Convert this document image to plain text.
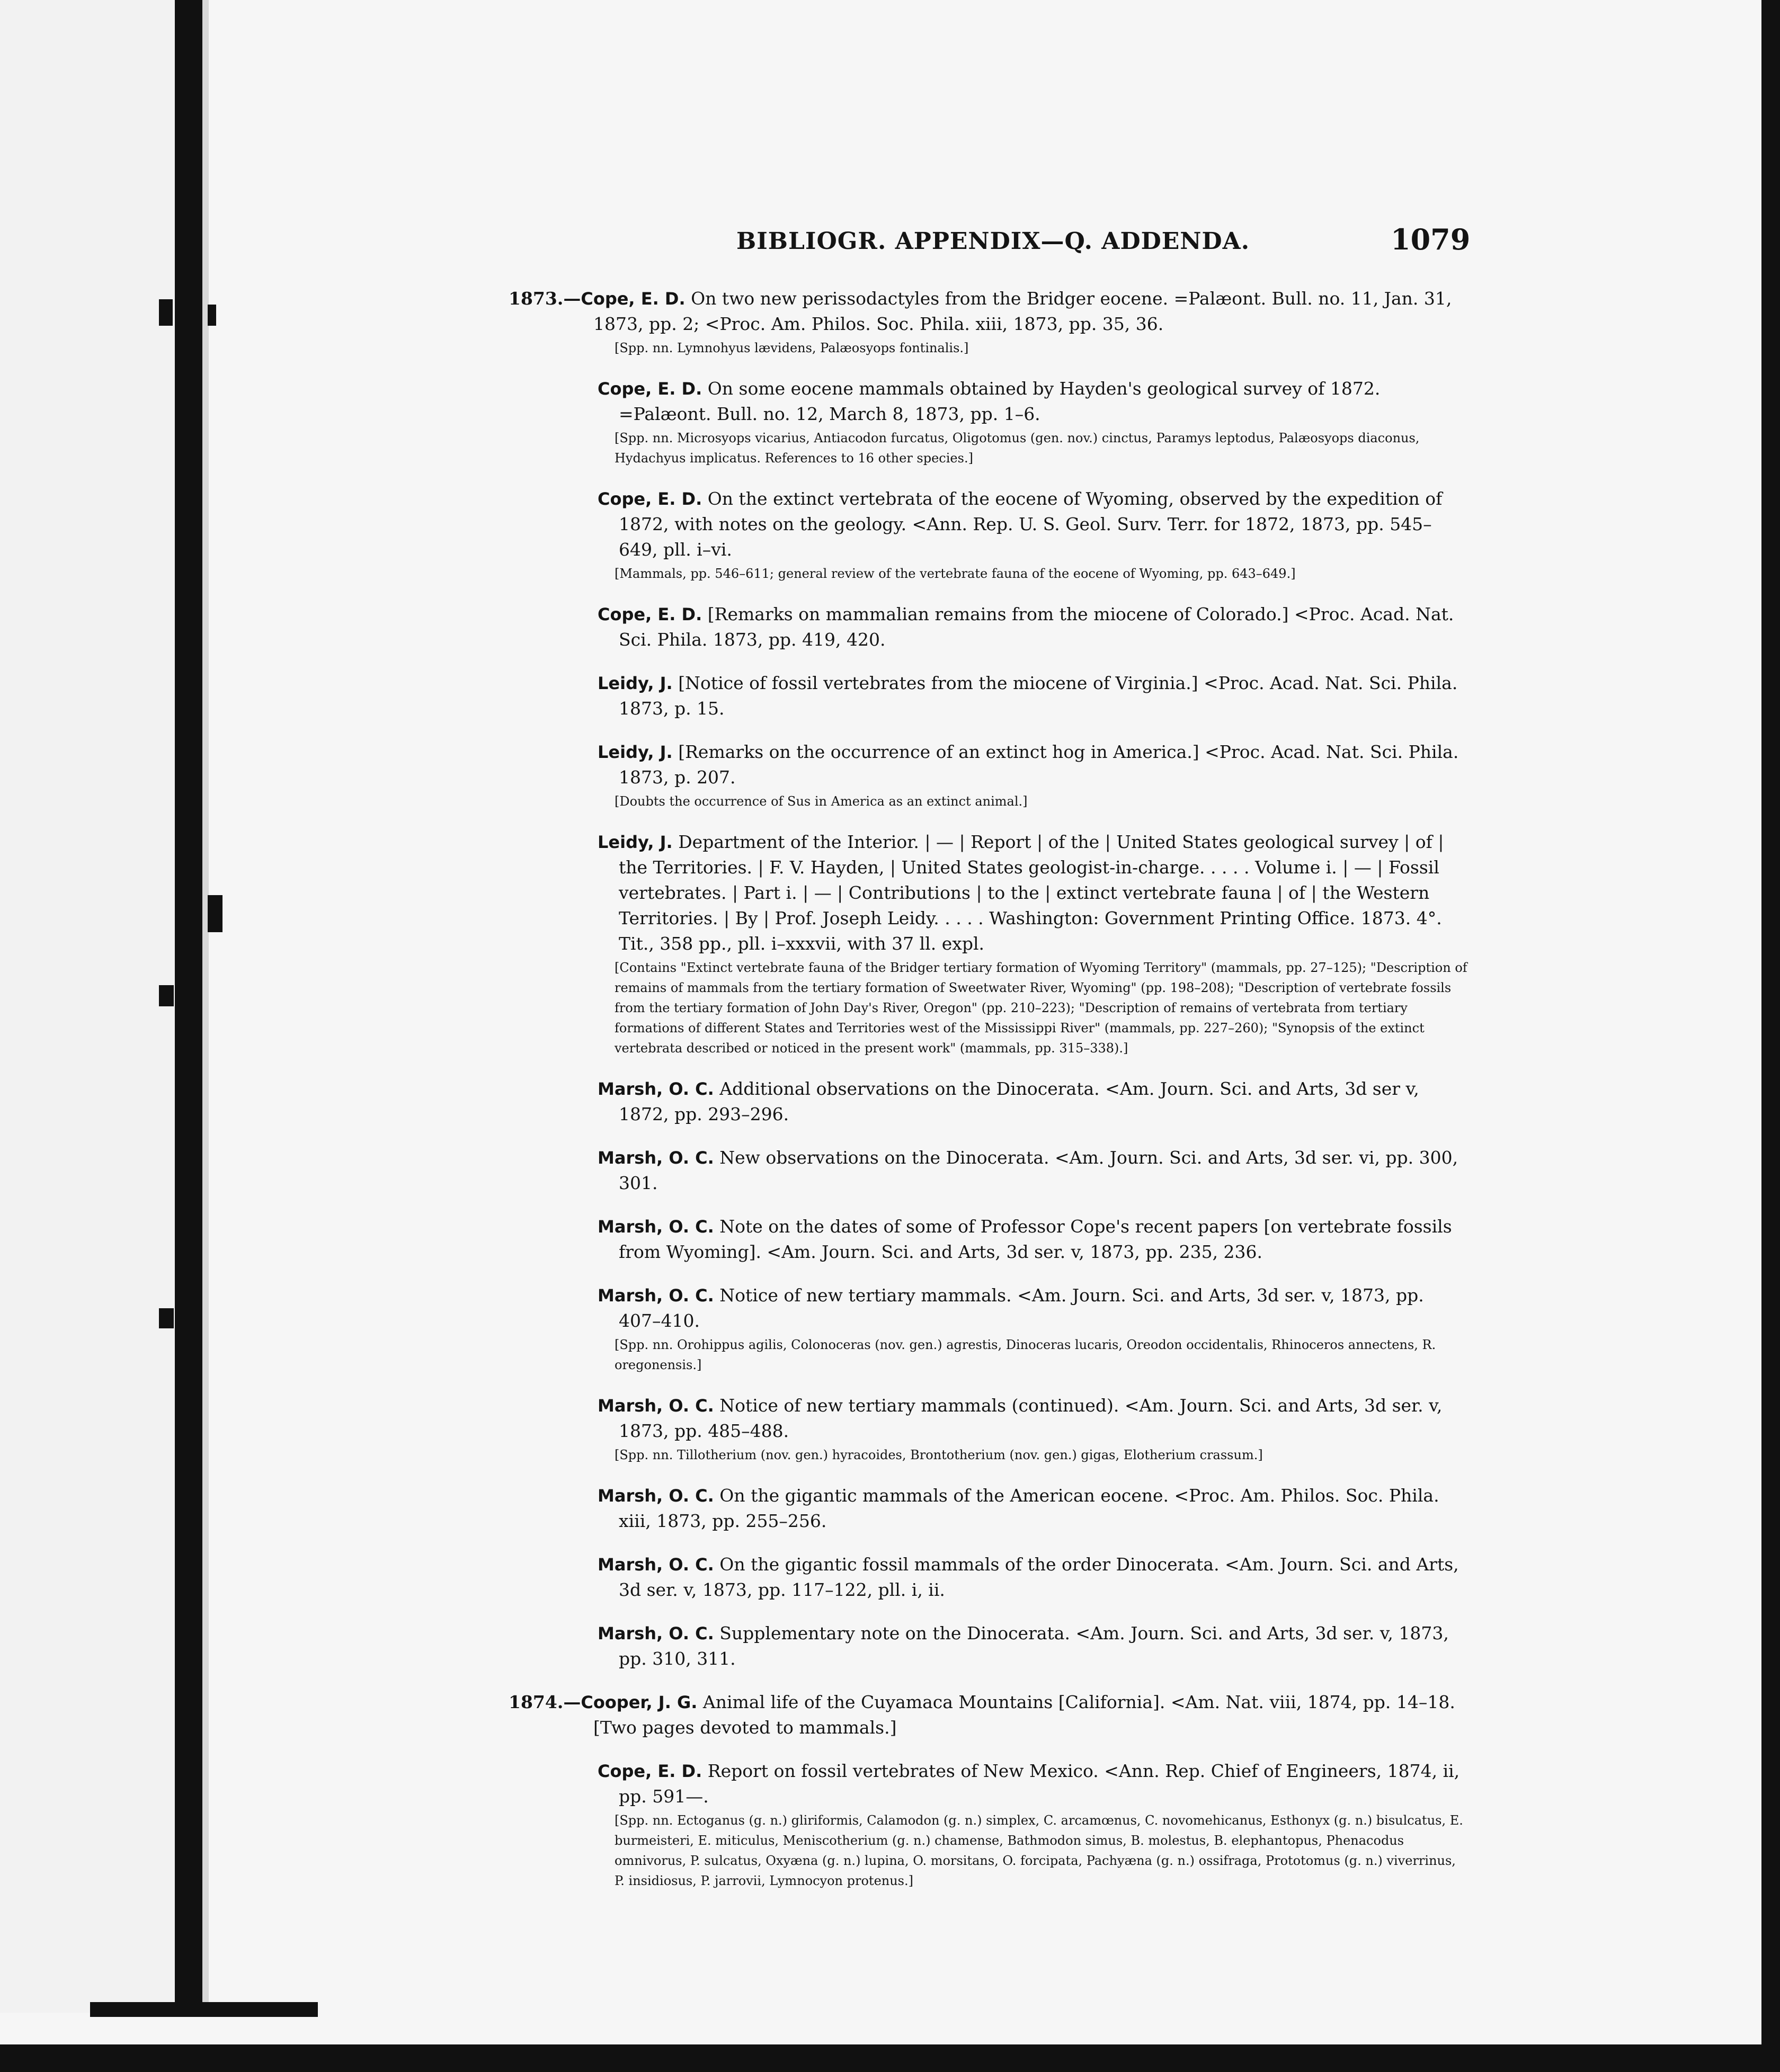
BIBLIOGR. APPENDIX—Q. ADDENDA.	1079
1873.—Cope, E. D. On two new perissodactyles from the Bridger eocene. =Palæont. Bull. no. 11, Jan. 31, 1873, pp. 2; <Proc. Am. Philos. Soc. Phila. xiii, 1873, pp. 35, 36.
[Spp. nn. Lymnohyus lævidens, Palæosyops fontinalis.]
Cope, E. D. On some eocene mammals obtained by Hayden's geological survey of 1872. =Palæont. Bull. no. 12, March 8, 1873, pp. 1–6.
[Spp. nn. Microsyops vicarius, Antiacodon furcatus, Oligotomus (gen. nov.) cinctus, Paramys leptodus, Palæosyops diaconus, Hydachyus implicatus. References to 16 other species.]
Cope, E. D. On the extinct vertebrata of the eocene of Wyoming, observed by the expedition of 1872, with notes on the geology. <Ann. Rep. U. S. Geol. Surv. Terr. for 1872, 1873, pp. 545–649, pll. i–vi.
[Mammals, pp. 546–611; general review of the vertebrate fauna of the eocene of Wyoming, pp. 643–649.]
Cope, E. D. [Remarks on mammalian remains from the miocene of Colorado.] <Proc. Acad. Nat. Sci. Phila. 1873, pp. 419, 420.
Leidy, J. [Notice of fossil vertebrates from the miocene of Virginia.] <Proc. Acad. Nat. Sci. Phila. 1873, p. 15.
Leidy, J. [Remarks on the occurrence of an extinct hog in America.] <Proc. Acad. Nat. Sci. Phila. 1873, p. 207.
[Doubts the occurrence of Sus in America as an extinct animal.]
Leidy, J. Department of the Interior. | — | Report | of the | United States geological survey | of | the Territories. | F. V. Hayden, | United States geologist-in-charge. . . . . Volume i. | — | Fossil vertebrates. | Part i. | — | Contributions | to the | extinct vertebrate fauna | of | the Western Territories. | By | Prof. Joseph Leidy. . . . . Washington: Government Printing Office. 1873. 4°. Tit., 358 pp., pll. i–xxxvii, with 37 ll. expl.
[Contains "Extinct vertebrate fauna of the Bridger tertiary formation of Wyoming Territory" (mammals, pp. 27–125); "Description of remains of mammals from the tertiary formation of Sweetwater River, Wyoming" (pp. 198–208); "Description of vertebrate fossils from the tertiary formation of John Day's River, Oregon" (pp. 210–223); "Description of remains of vertebrata from tertiary formations of different States and Territories west of the Mississippi River" (mammals, pp. 227–260); "Synopsis of the extinct vertebrata described or noticed in the present work" (mammals, pp. 315–338).]
Marsh, O. C. Additional observations on the Dinocerata. <Am. Journ. Sci. and Arts, 3d ser v, 1872, pp. 293–296.
Marsh, O. C. New observations on the Dinocerata. <Am. Journ. Sci. and Arts, 3d ser. vi, pp. 300, 301.
Marsh, O. C. Note on the dates of some of Professor Cope's recent papers [on vertebrate fossils from Wyoming]. <Am. Journ. Sci. and Arts, 3d ser. v, 1873, pp. 235, 236.
Marsh, O. C. Notice of new tertiary mammals. <Am. Journ. Sci. and Arts, 3d ser. v, 1873, pp. 407–410.
[Spp. nn. Orohippus agilis, Colonoceras (nov. gen.) agrestis, Dinoceras lucaris, Oreodon occidentalis, Rhinoceros annectens, R. oregonensis.]
Marsh, O. C. Notice of new tertiary mammals (continued). <Am. Journ. Sci. and Arts, 3d ser. v, 1873, pp. 485–488.
[Spp. nn. Tillotherium (nov. gen.) hyracoides, Brontotherium (nov. gen.) gigas, Elotherium crassum.]
Marsh, O. C. On the gigantic mammals of the American eocene. <Proc. Am. Philos. Soc. Phila. xiii, 1873, pp. 255–256.
Marsh, O. C. On the gigantic fossil mammals of the order Dinocerata. <Am. Journ. Sci. and Arts, 3d ser. v, 1873, pp. 117–122, pll. i, ii.
Marsh, O. C. Supplementary note on the Dinocerata. <Am. Journ. Sci. and Arts, 3d ser. v, 1873, pp. 310, 311.
1874.—Cooper, J. G. Animal life of the Cuyamaca Mountains [California]. <Am. Nat. viii, 1874, pp. 14–18. [Two pages devoted to mammals.]
Cope, E. D. Report on fossil vertebrates of New Mexico. <Ann. Rep. Chief of Engineers, 1874, ii, pp. 591—.
[Spp. nn. Ectoganus (g. n.) gliriformis, Calamodon (g. n.) simplex, C. arcamœnus, C. novomehicanus, Esthonyx (g. n.) bisulcatus, E. burmeisteri, E. miticulus, Meniscotherium (g. n.) chamense, Bathmodon simus, B. molestus, B. elephantopus, Phenacodus omnivorus, P. sulcatus, Oxyæna (g. n.) lupina, O. morsitans, O. forcipata, Pachyæna (g. n.) ossifraga, Prototomus (g. n.) viverrinus, P. insidiosus, P. jarrovii, Lymnocyon protenus.]
